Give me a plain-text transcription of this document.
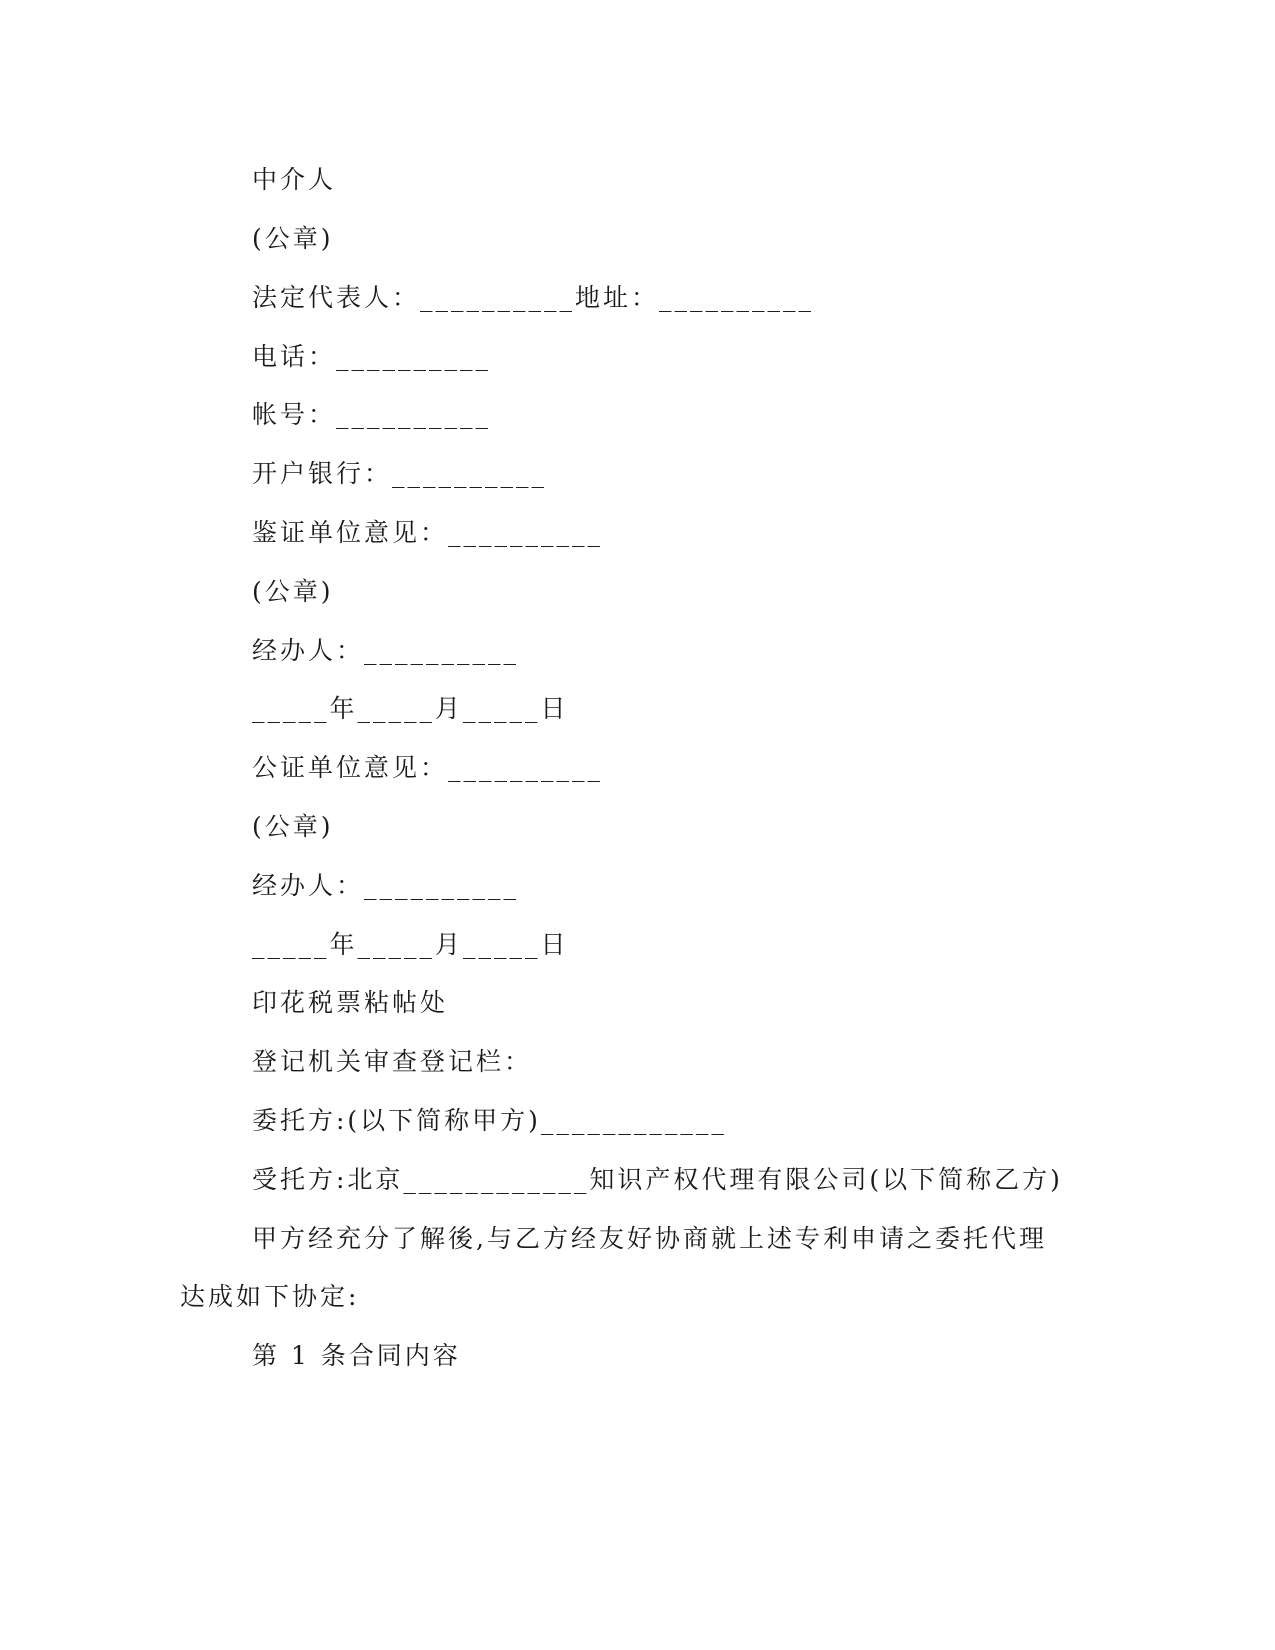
中介人
(公章)
法定代表人：__________地址：__________
电话：__________
帐号：__________
开户银行：__________
鉴证单位意见：__________
(公章)
经办人：__________
_____年_____月_____日
公证单位意见：__________
(公章)
经办人：__________
_____年_____月_____日
印花税票粘帖处
登记机关审查登记栏：
委托方:(以下简称甲方)____________
受托方:北京____________知识产权代理有限公司(以下简称乙方)
甲方经充分了解後,与乙方经友好协商就上述专利申请之委托代理
达成如下协定:
第 1 条合同内容
